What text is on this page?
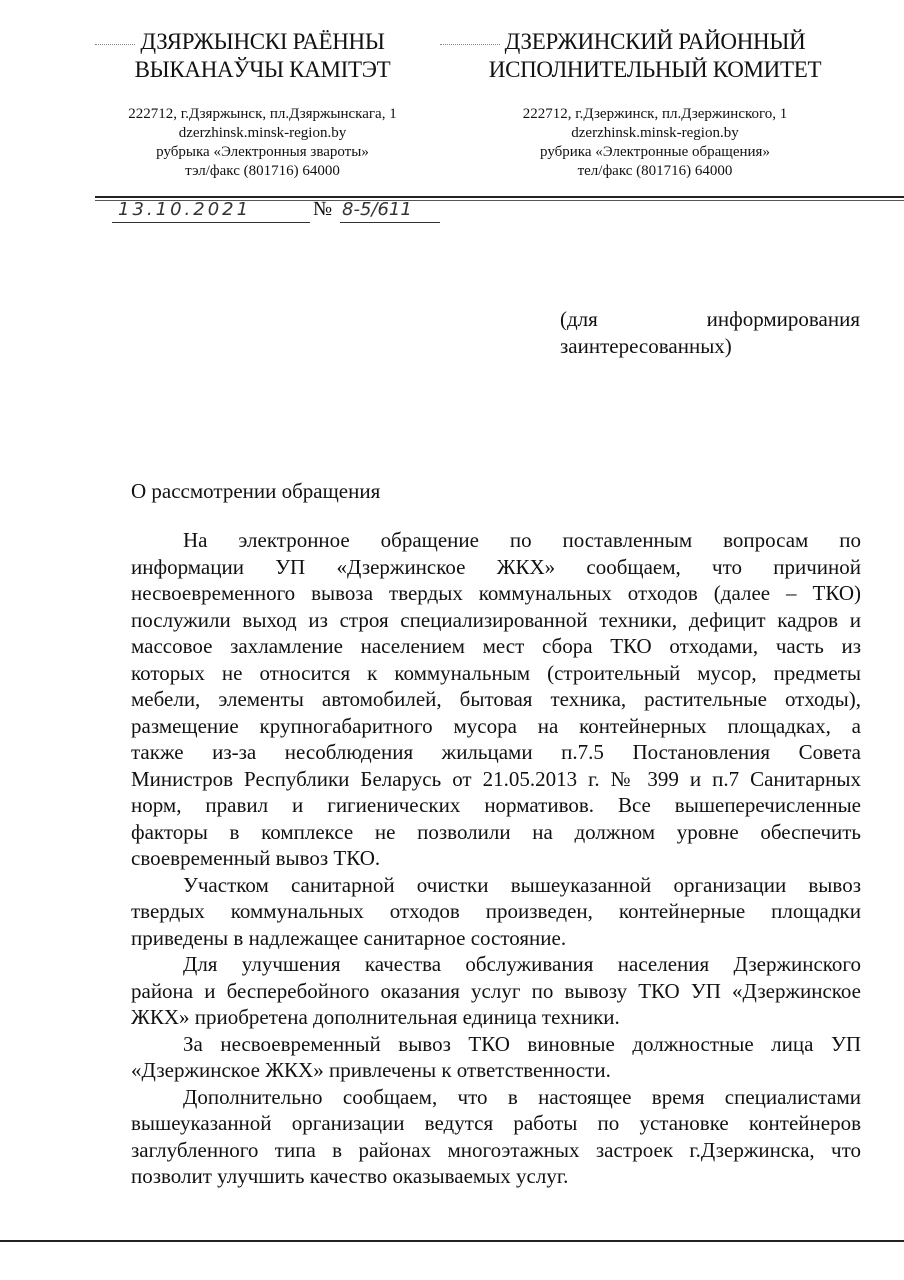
ДЗЯРЖЫНСКІ РАЁННЫ
ВЫКАНАЎЧЫ КАМІТЭТ
ДЗЕРЖИНСКИЙ РАЙОННЫЙ
ИСПОЛНИТЕЛЬНЫЙ КОМИТЕТ
222712, г.Дзяржынск, пл.Дзяржынскага, 1
dzerzhinsk.minsk-region.by
рубрыка «Электронныя звароты»
тэл/факс (801716) 64000
222712, г.Дзержинск, пл.Дзержинского, 1
dzerzhinsk.minsk-region.by
рубрика «Электронные обращения»
тел/факс (801716) 64000
13.10.2021	№ 8-5/611
(для	информирования
заинтересованных)
О рассмотрении обращения
На электронное обращение по поставленным вопросам по
информации УП «Дзержинское ЖКХ» сообщаем, что причиной
несвоевременного вывоза твердых коммунальных отходов (далее – ТКО)
послужили выход из строя специализированной техники, дефицит кадров и
массовое захламление населением мест сбора ТКО отходами, часть из
которых не относится к коммунальным (строительный мусор, предметы
мебели, элементы автомобилей, бытовая техника, растительные отходы),
размещение крупногабаритного мусора на контейнерных площадках, а
также из-за несоблюдения жильцами п.7.5 Постановления Совета
Министров Республики Беларусь от 21.05.2013 г. № 399 и п.7 Санитарных
норм, правил и гигиенических нормативов. Все вышеперечисленные
факторы в комплексе не позволили на должном уровне обеспечить
своевременный вывоз ТКО.
Участком санитарной очистки вышеуказанной организации вывоз
твердых коммунальных отходов произведен, контейнерные площадки
приведены в надлежащее санитарное состояние.
Для улучшения качества обслуживания населения Дзержинского
района и бесперебойного оказания услуг по вывозу ТКО УП «Дзержинское
ЖКХ» приобретена дополнительная единица техники.
За несвоевременный вывоз ТКО виновные должностные лица УП
«Дзержинское ЖКХ» привлечены к ответственности.
Дополнительно сообщаем, что в настоящее время специалистами
вышеуказанной организации ведутся работы по установке контейнеров
заглубленного типа в районах многоэтажных застроек г.Дзержинска, что
позволит улучшить качество оказываемых услуг.
